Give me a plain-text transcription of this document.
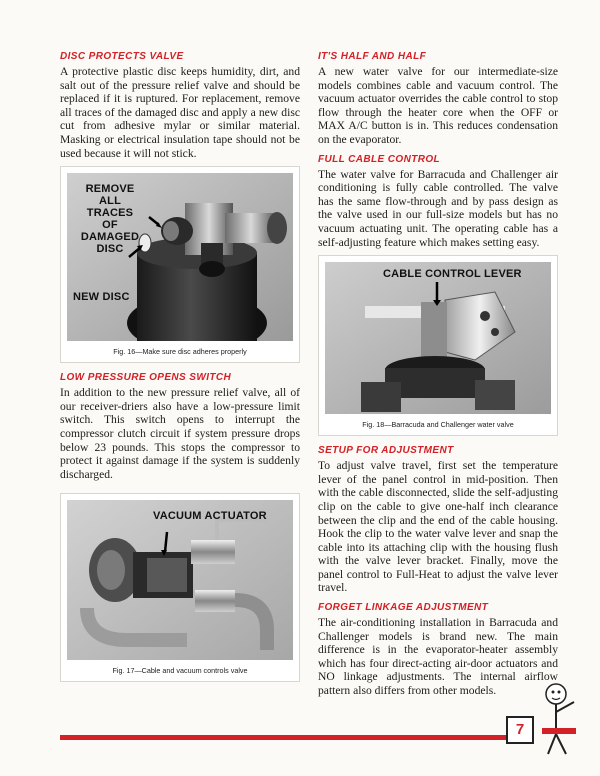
DISC PROTECTS VALVE

A protective plastic disc keeps humidity, dirt, and salt out of the pressure relief valve and should be replaced if it is ruptured. For replacement, remove all traces of the damaged disc and apply a new disc cut from adhesive mylar or similar material. Masking or electrical insulation tape should not be used because it will not stick.

REMOVE ALL TRACES OF DAMAGED DISC
NEW DISC
Fig. 16—Make sure disc adheres properly
LOW PRESSURE OPENS SWITCH

In addition to the new pressure relief valve, all of our receiver-driers also have a low-pressure limit switch. This switch opens to interrupt the compressor clutch circuit if system pressure drops below 23 pounds. This stops the compressor to protect it against damage if the system is suddenly discharged.

VACUUM ACTUATOR
Fig. 17—Cable and vacuum controls valve
IT'S HALF AND HALF

A new water valve for our intermediate-size models combines cable and vacuum control. The vacuum actuator overrides the cable control to stop flow through the heater core when the OFF or MAX A/C button is in. This reduces condensation on the evaporator.

FULL CABLE CONTROL

The water valve for Barracuda and Challenger air conditioning is fully cable controlled. The valve has the same flow-through and by pass design as the valve used in our full-size models but has no vacuum actuating unit. The operating cable has a self-adjusting feature which makes setting easy.

CABLE CONTROL LEVER
Fig. 18—Barracuda and Challenger water valve
SETUP FOR ADJUSTMENT

To adjust valve travel, first set the temperature lever of the panel control in mid-position. Then with the cable disconnected, slide the self-adjusting clip on the cable to give one-half inch clearance between the clip and the end of the cable housing. Hook the clip to the water valve lever and snap the cable into its attaching clip with the housing flush with the valve lever bracket. Finally, move the panel control to Full-Heat to adjust the valve lever travel.

FORGET LINKAGE ADJUSTMENT

The air-conditioning installation in Barracuda and Challenger models is brand new. The main difference is in the evaporator-heater assembly which has four direct-acting air-door actuators and NO linkage adjustments. The internal airflow pattern also differs from other models.

7
